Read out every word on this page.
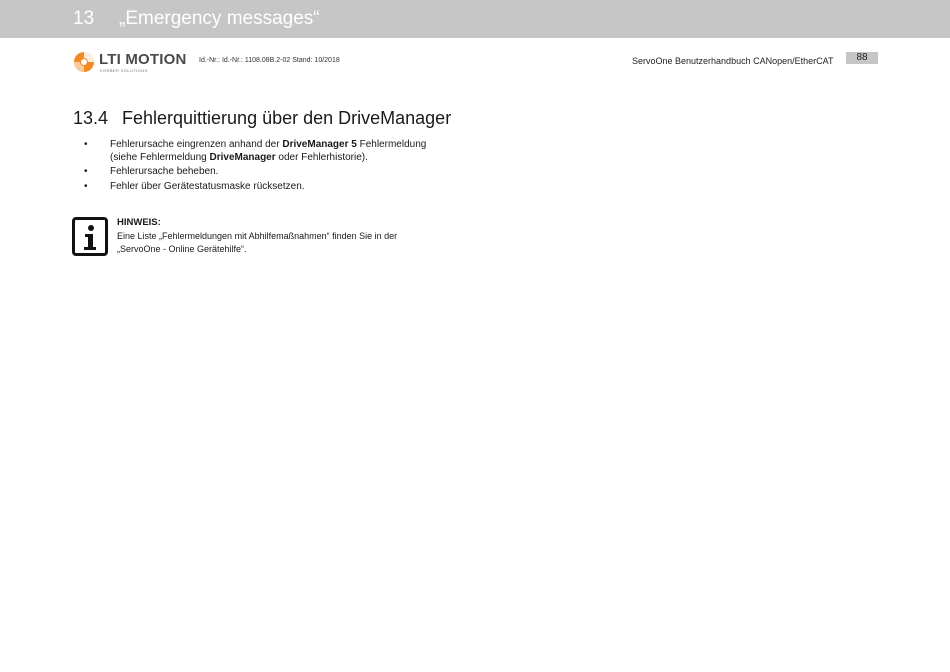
13 „Emergency messages“
LTI MOTION
KÖRBER SOLUTIONS
Id.-Nr.: Id.-Nr.: 1108.08B.2-02 Stand: 10/2018	ServoOne Benutzerhandbuch CANopen/EtherCAT	88
13.4 Fehlerquittierung über den DriveManager
• Fehlerursache eingrenzen anhand der DriveManager 5 Fehlermeldung
(siehe Fehlermeldung DriveManager oder Fehlerhistorie).
• Fehlerursache beheben.
• Fehler über Gerätestatusmaske rücksetzen.
HINWEIS:
Eine Liste „Fehlermeldungen mit Abhilfemaßnahmen“ finden Sie in der
„ServoOne - Online Gerätehilfe“.
